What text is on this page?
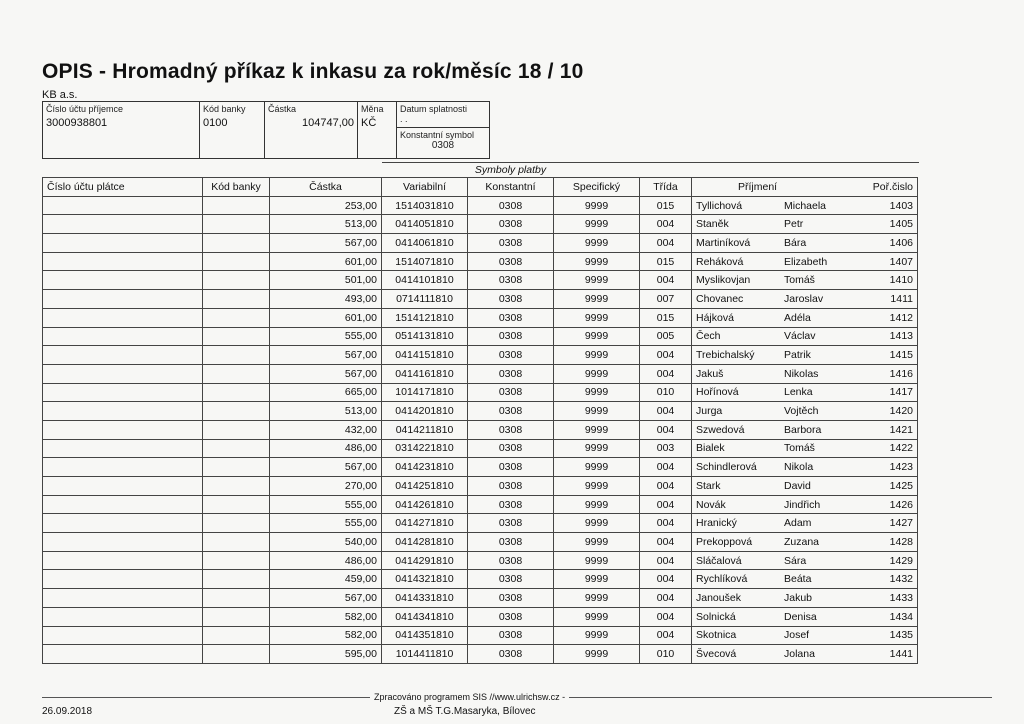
OPIS - Hromadný příkaz k inkasu za rok/měsíc 18 / 10
KB a.s.
Číslo účtu příjemce
3000938801

Kód banky
0100

Částka
104747,00

Měna
KČ

Datum splatnosti
. .
Konstantní symbol
0308
			Symboly platby					
Číslo účtu plátce	Kód banky	Částka	Variabilní	Konstantní	Specifický	Třída	Příjmení Poř.čislo	

		253,00	1514031810	0308	9999	015	Tyllichová Michaela 1403	

		513,00	0414051810	0308	9999	004	Staněk Petr 1405	

		567,00	0414061810	0308	9999	004	Martiníková Bára 1406	

		601,00	1514071810	0308	9999	015	Reháková Elizabeth 1407	

		501,00	0414101810	0308	9999	004	Myslikovjan Tomáš 1410	

		493,00	0714111810	0308	9999	007	Chovanec Jaroslav 1411	

		601,00	1514121810	0308	9999	015	Hájková Adéla 1412	

		555,00	0514131810	0308	9999	005	Čech Václav 1413	

		567,00	0414151810	0308	9999	004	Trebichalský Patrik 1415	

		567,00	0414161810	0308	9999	004	Jakuš Nikolas 1416	

		665,00	1014171810	0308	9999	010	Hořínová Lenka 1417	

		513,00	0414201810	0308	9999	004	Jurga Vojtěch 1420	

		432,00	0414211810	0308	9999	004	Szwedová Barbora 1421	

		486,00	0314221810	0308	9999	003	Bialek Tomáš 1422	

		567,00	0414231810	0308	9999	004	Schindlerová Nikola 1423	

		270,00	0414251810	0308	9999	004	Stark David 1425	

		555,00	0414261810	0308	9999	004	Novák Jindřich 1426	

		555,00	0414271810	0308	9999	004	Hranický Adam 1427	

		540,00	0414281810	0308	9999	004	Prekoppová Zuzana 1428	

		486,00	0414291810	0308	9999	004	Sláčalová Sára 1429	

		459,00	0414321810	0308	9999	004	Rychlíková Beáta 1432	

		567,00	0414331810	0308	9999	004	Janoušek Jakub 1433	

		582,00	0414341810	0308	9999	004	Solnická Denisa 1434	

		582,00	0414351810	0308	9999	004	Skotnica Josef 1435	

		595,00	1014411810	0308	9999	010	Švecová Jolana 1441	

Zpracováno programem SIS //www.ulrichsw.cz -
26.09.2018	ZŠ a MŠ T.G.Masaryka, Bílovec
